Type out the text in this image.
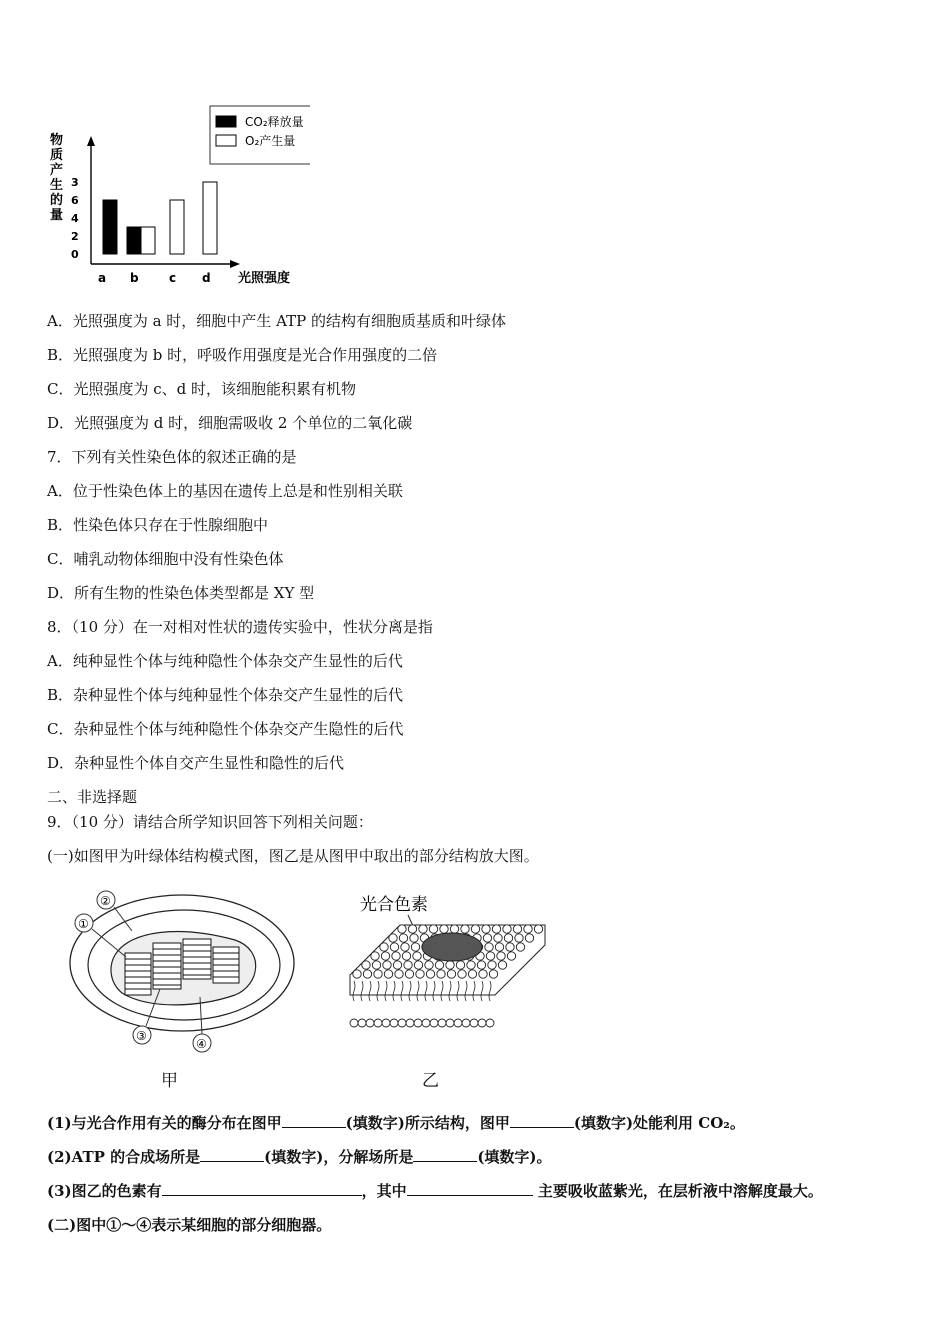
CO₂释放量
O₂产生量
物质产生的量
0
2
4
6
3
a b	c d 光照强度
A．光照强度为 a 时，细胞中产生 ATP 的结构有细胞质基质和叶绿体
B．光照强度为 b 时，呼吸作用强度是光合作用强度的二倍
C．光照强度为 c、d 时，该细胞能积累有机物
D．光照强度为 d 时，细胞需吸收 2 个单位的二氧化碳
7．下列有关性染色体的叙述正确的是
A．位于性染色体上的基因在遗传上总是和性别相关联
B．性染色体只存在于性腺细胞中
C．哺乳动物体细胞中没有性染色体
D．所有生物的性染色体类型都是 XY 型
8．（10 分）在一对相对性状的遗传实验中，性状分离是指
A．纯种显性个体与纯种隐性个体杂交产生显性的后代
B．杂种显性个体与纯种显性个体杂交产生显性的后代
C．杂种显性个体与纯种隐性个体杂交产生隐性的后代
D．杂种显性个体自交产生显性和隐性的后代
二、非选择题
9．（10 分）请结合所学知识回答下列相关问题：
(一)如图甲为叶绿体结构模式图，图乙是从图甲中取出的部分结构放大图。
②
①
③
④
甲
光合色素
乙
(1)与光合作用有关的酶分布在图甲	(填数字)所示结构，图甲	(填数字)处能利用 CO₂。
(2)ATP 的合成场所是	(填数字)，分解场所是	(填数字)。
(3)图乙的色素有	，其中	主要吸收蓝紫光，在层析液中溶解度最大。
(二)图中①～④表示某细胞的部分细胞器。
